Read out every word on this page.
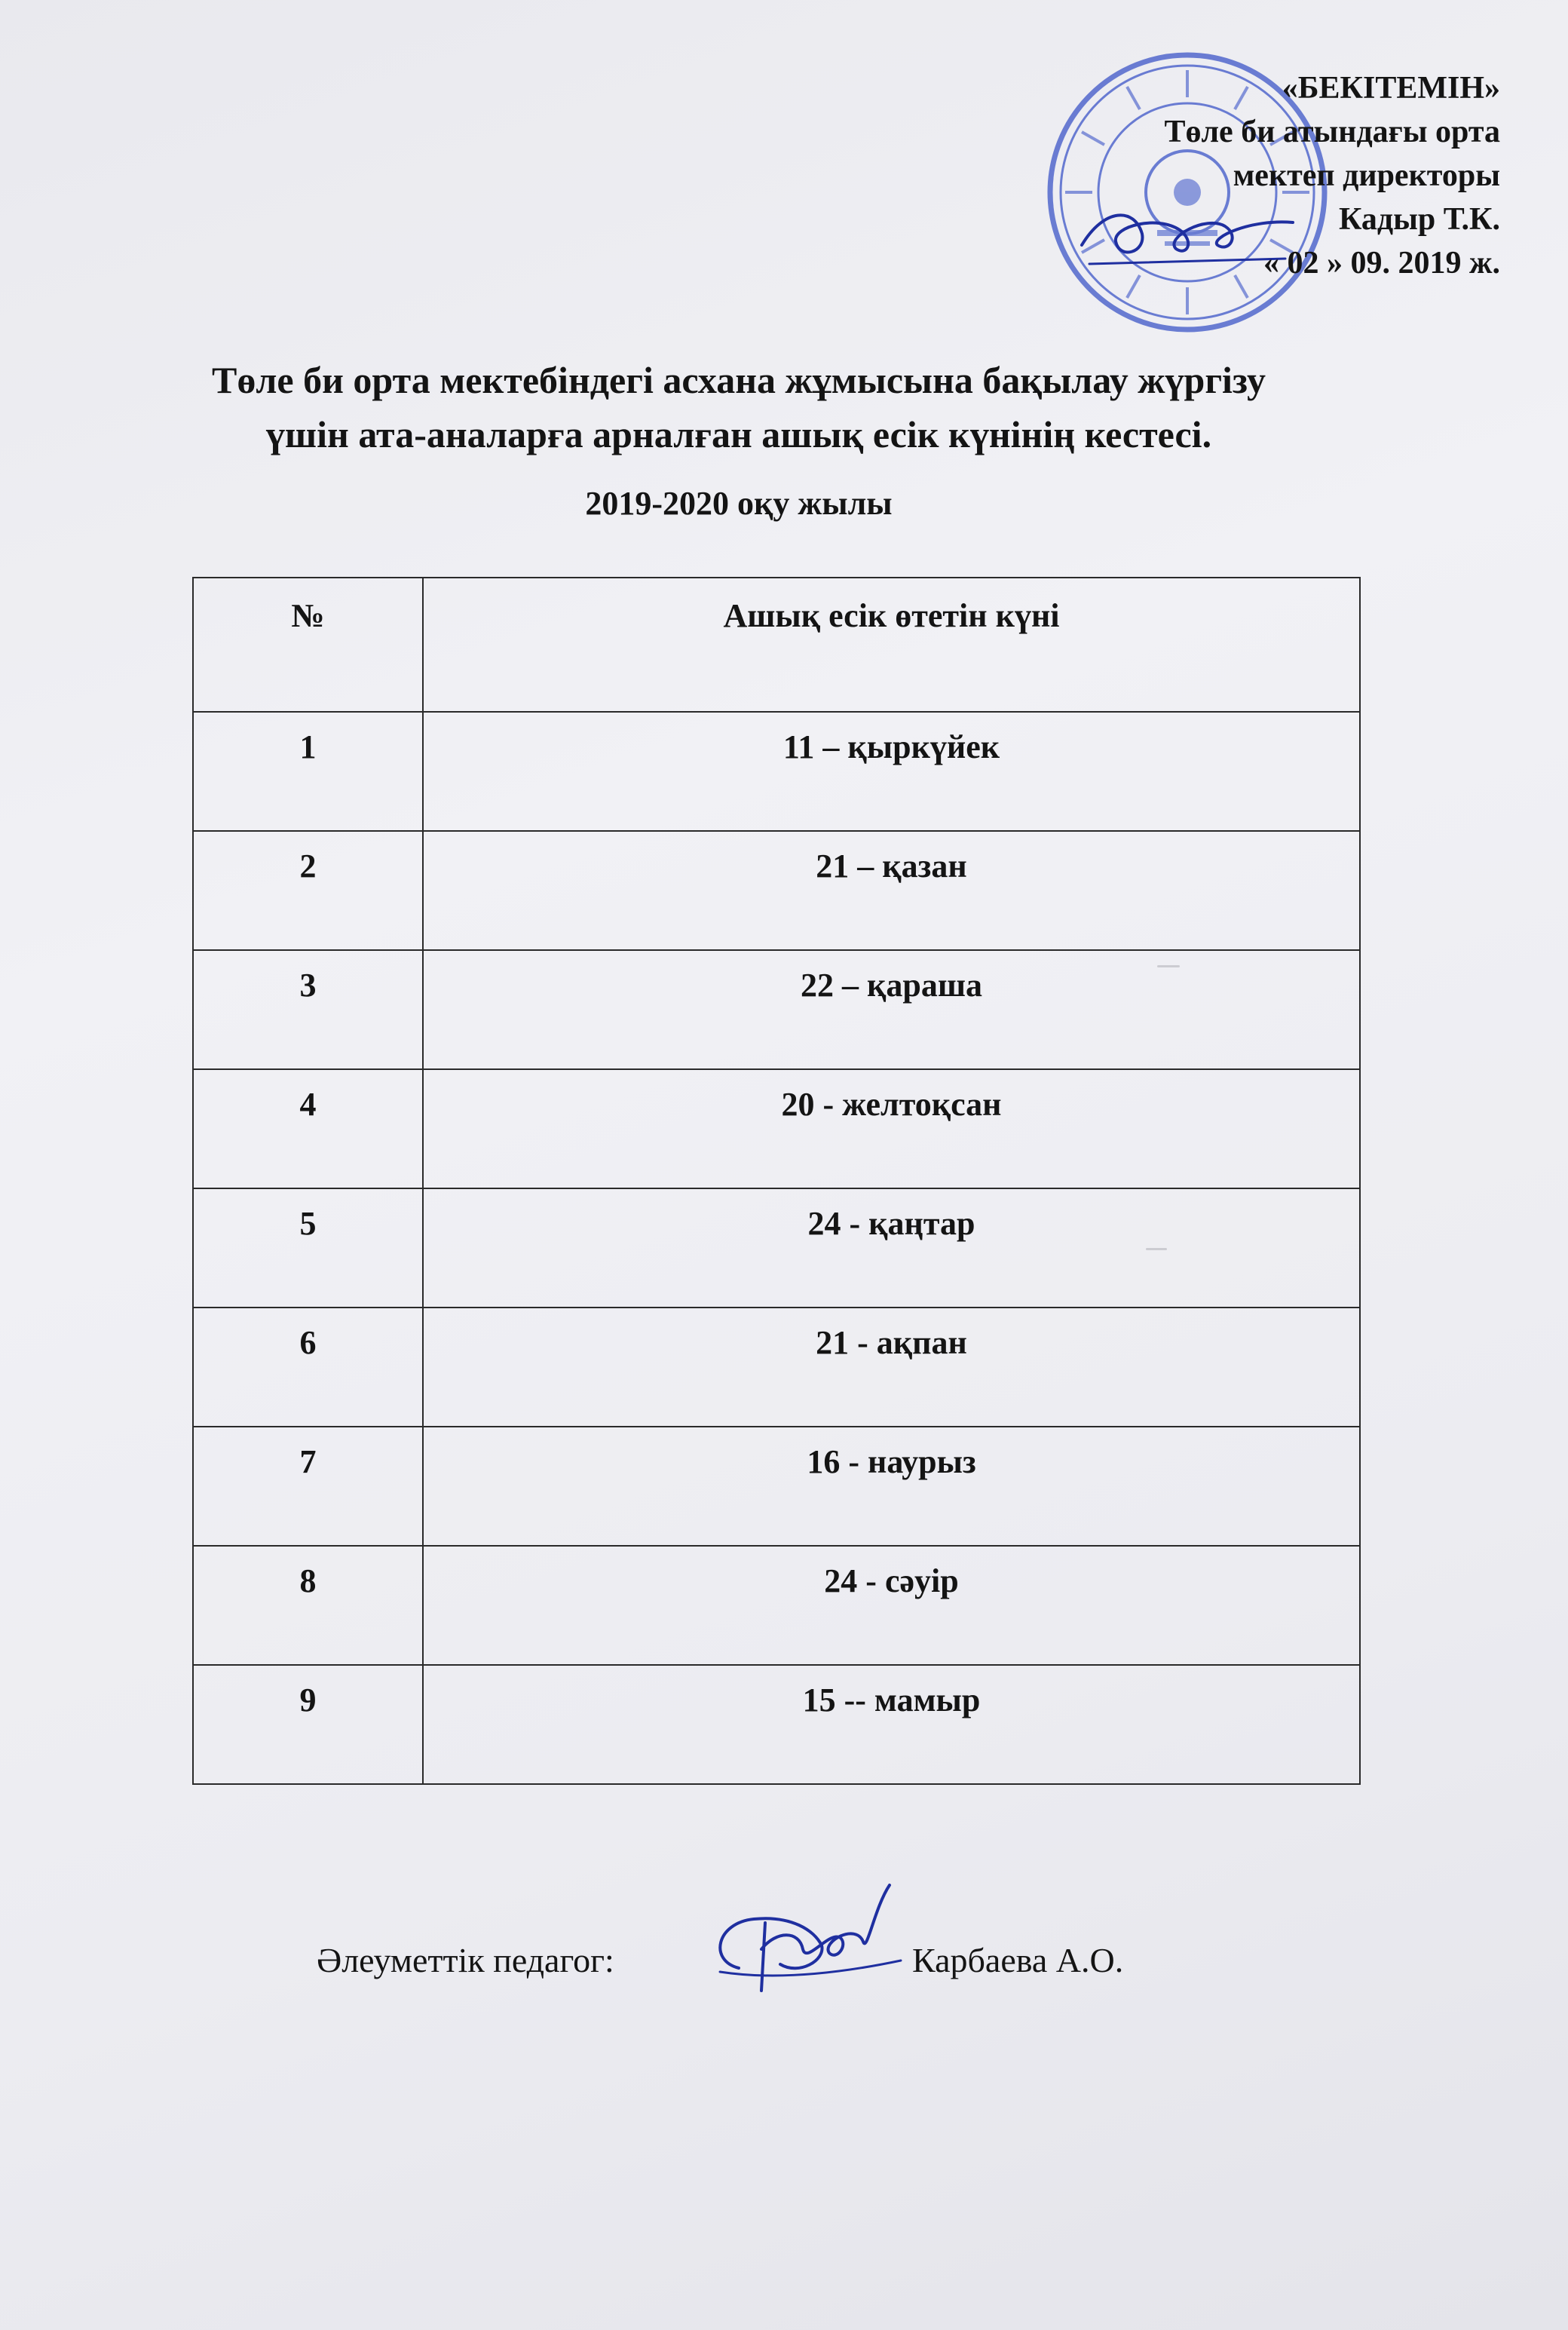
«БЕКІТЕМІН»
Төле би атындағы орта
мектеп директоры
Кадыр Т.К.
« 02 » 09. 2019 ж.
Төле би орта мектебіндегі асхана жұмысына бақылау жүргізу
үшін ата-аналарға арналған ашық есік күнінің кестесі.
2019-2020 оқу жылы
№	Ашық есік өтетін күні
1	11 – қыркүйек
2	21 – қазан
3	22 – қараша
4	20 - желтоқсан
5	24 - қаңтар
6	21 - ақпан
7	16 - наурыз
8	24 - сәуір
9	15 -- мамыр
Әлеуметтік педагог:	Карбаева А.О.
